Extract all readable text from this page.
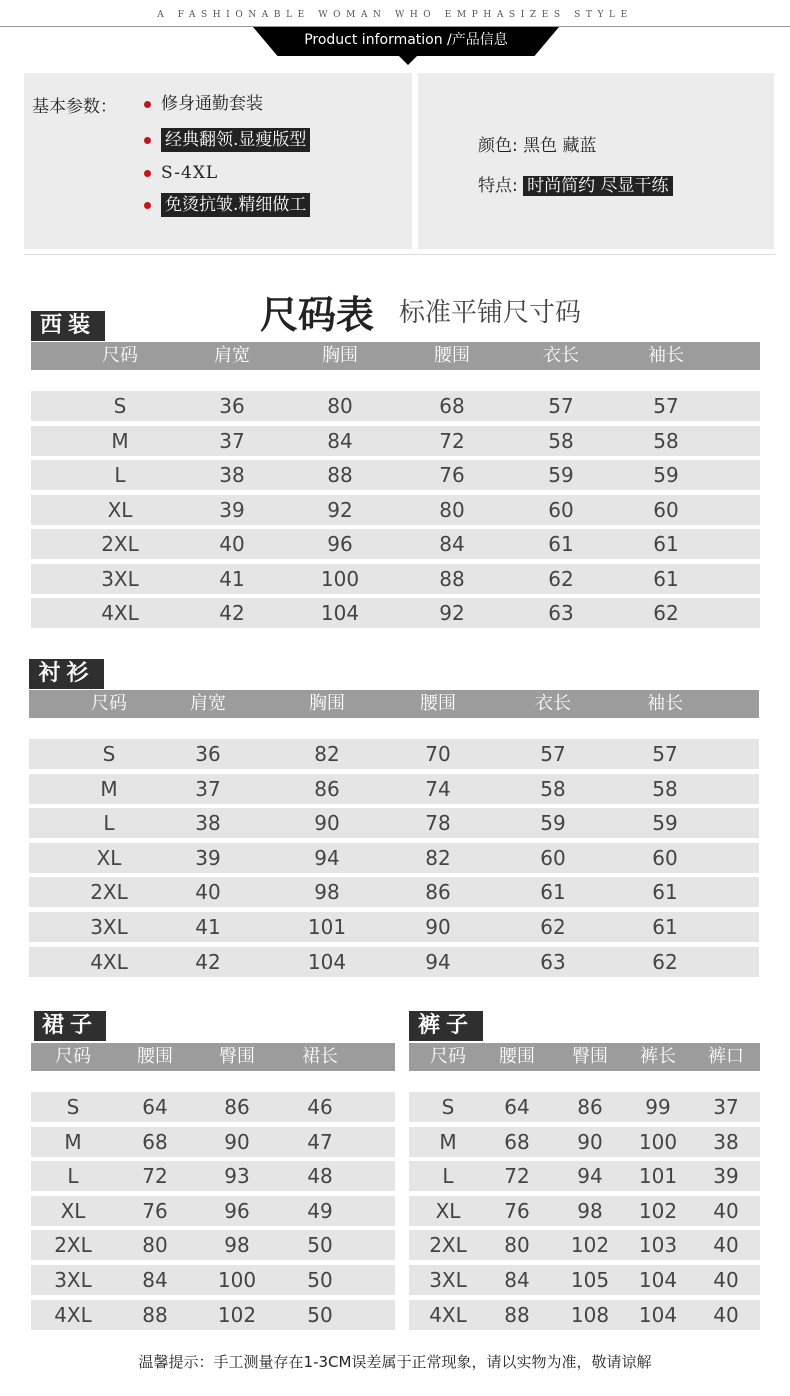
A FASHIONABLE WOMAN WHO EMPHASIZES STYLE
Product information /产品信息
基本参数：	修身通勤套装
经典翻领.显瘦版型
S-4XL
免烫抗皱.精细做工
颜色: 黑色 藏蓝
特点: 时尚简约 尽显干练
尺码表 标准平铺尺寸码
西装
尺码	肩宽	胸围	腰围	衣长	袖长
S	36	80	68	57	57
M	37	84	72	58	58
L	38	88	76	59	59
XL	39	92	80	60	60
2XL	40	96	84	61	61
3XL	41	100	88	62	61
4XL	42	104	92	63	62
衬衫
尺码	肩宽	胸围	腰围	衣长	袖长
S	36	82	70	57	57
M	37	86	74	58	58
L	38	90	78	59	59
XL	39	94	82	60	60
2XL	40	98	86	61	61
3XL	41	101	90	62	61
4XL	42	104	94	63	62
裙子
尺码	腰围	臀围	裙长
S	64	86	46
M	68	90	47
L	72	93	48
XL	76	96	49
2XL	80	98	50
3XL	84	100	50
4XL	88	102	50
裤子
尺码 腰围 臀围 裤长 裤口
S 64 86 99 37
M 68 90 100 38
L	72 94 101 39
XL 76 98 102 40
2XL 80 102 103 40
3XL 84 105 104 40
4XL 88 108 104 40
温馨提示：手工测量存在1-3CM误差属于正常现象，请以实物为准，敬请谅解
